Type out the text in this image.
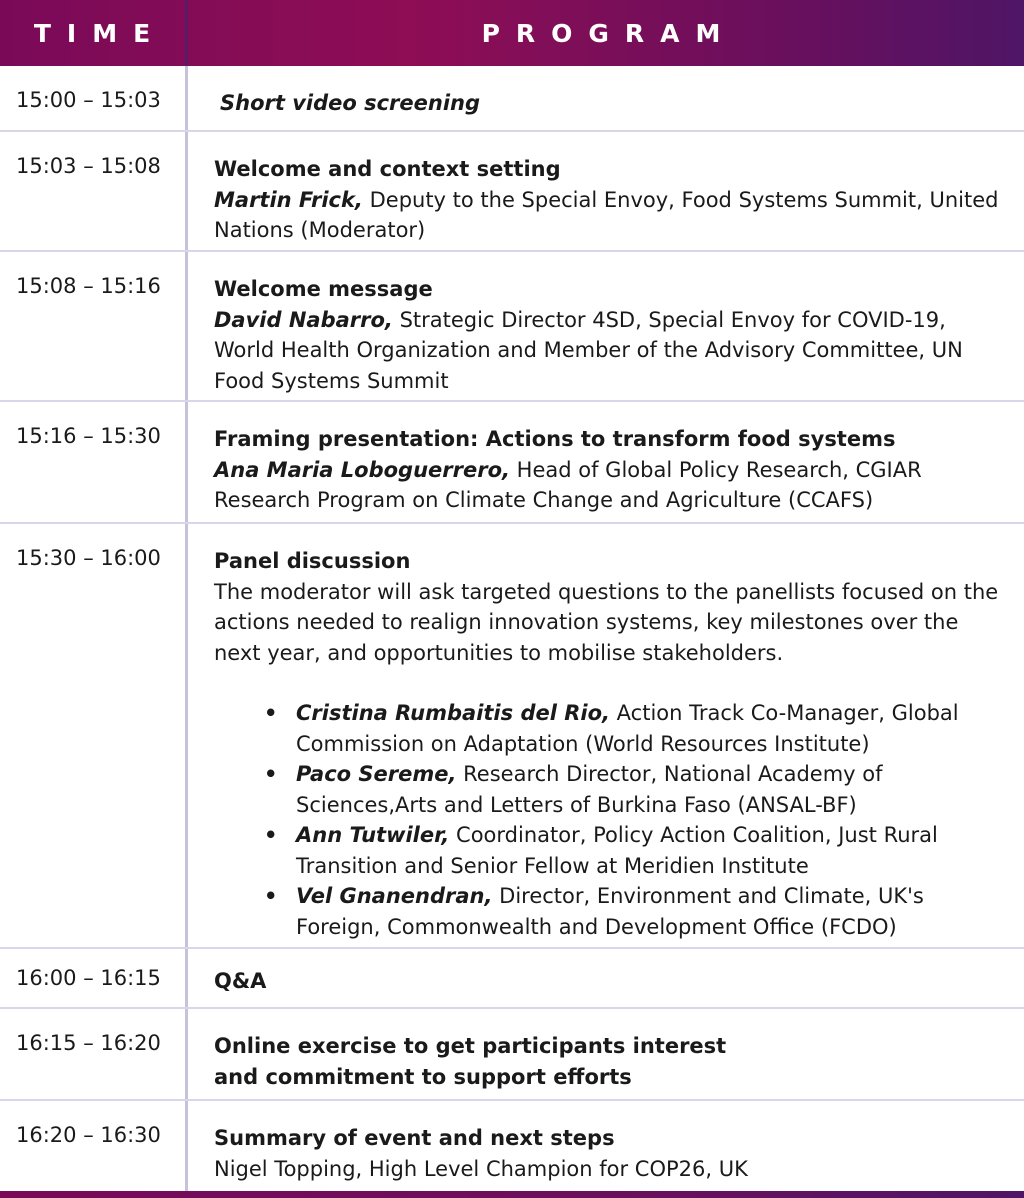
TIME	PROGRAM
15:00 – 15:03	Short video screening
15:03 – 15:08	Welcome and context setting
Martin Frick, Deputy to the Special Envoy, Food Systems Summit, United Nations (Moderator)
15:08 – 15:16	Welcome message
David Nabarro, Strategic Director 4SD, Special Envoy for COVID-19, World Health Organization and Member of the Advisory Committee, UN Food Systems Summit
15:16 – 15:30	Framing presentation: Actions to transform food systems
Ana Maria Loboguerrero, Head of Global Policy Research, CGIAR Research Program on Climate Change and Agriculture (CCAFS)
15:30 – 16:00	Panel discussion
The moderator will ask targeted questions to the panellists focused on the actions needed to realign innovation systems, key milestones over the next year, and opportunities to mobilise stakeholders.
• Cristina Rumbaitis del Rio, Action Track Co-Manager, Global Commission on Adaptation (World Resources Institute)
• Paco Sereme, Research Director, National Academy of Sciences,Arts and Letters of Burkina Faso (ANSAL-BF)
• Ann Tutwiler, Coordinator, Policy Action Coalition, Just Rural Transition and Senior Fellow at Meridien Institute
• Vel Gnanendran, Director, Environment and Climate, UK's Foreign, Commonwealth and Development Office (FCDO)
16:00 – 16:15	Q&A
16:15 – 16:20	Online exercise to get participants interest and commitment to support efforts
16:20 – 16:30	Summary of event and next steps
Nigel Topping, High Level Champion for COP26, UK
